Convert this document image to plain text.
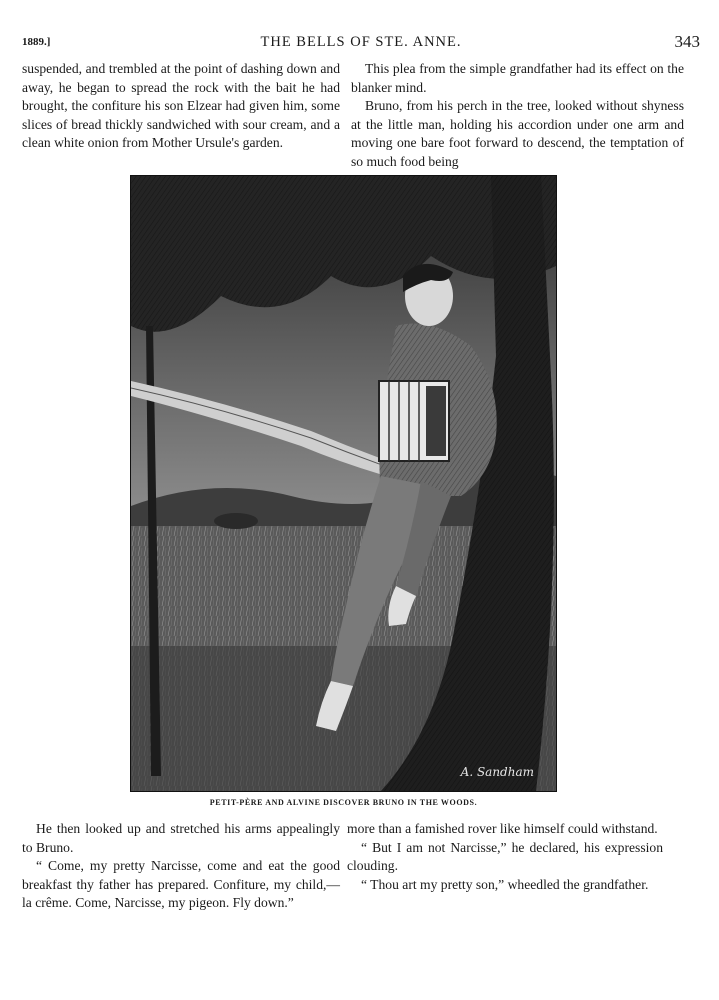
1889.]	THE BELLS OF STE. ANNE.	343

suspended, and trembled at the point of dashing down and away, he began to spread the rock with the bait he had brought, the confiture his son Elzear had given him, some slices of bread thickly sandwiched with sour cream, and a clean white onion from Mother Ursule's garden.

This plea from the simple grandfather had its effect on the blanker mind.

Bruno, from his perch in the tree, looked without shyness at the little man, holding his accordion under one arm and moving one bare foot forward to descend, the temptation of so much food being

A. Sandham
PETIT-PÈRE AND ALVINE DISCOVER BRUNO IN THE WOODS.

He then looked up and stretched his arms appealingly to Bruno.

“ Come, my pretty Narcisse, come and eat the good breakfast thy father has prepared. Confiture, my child,—la crême. Come, Narcisse, my pigeon. Fly down.”

more than a famished rover like himself could withstand.

“ But I am not Narcisse,” he declared, his expression clouding.

“ Thou art my pretty son,” wheedled the grandfather.
